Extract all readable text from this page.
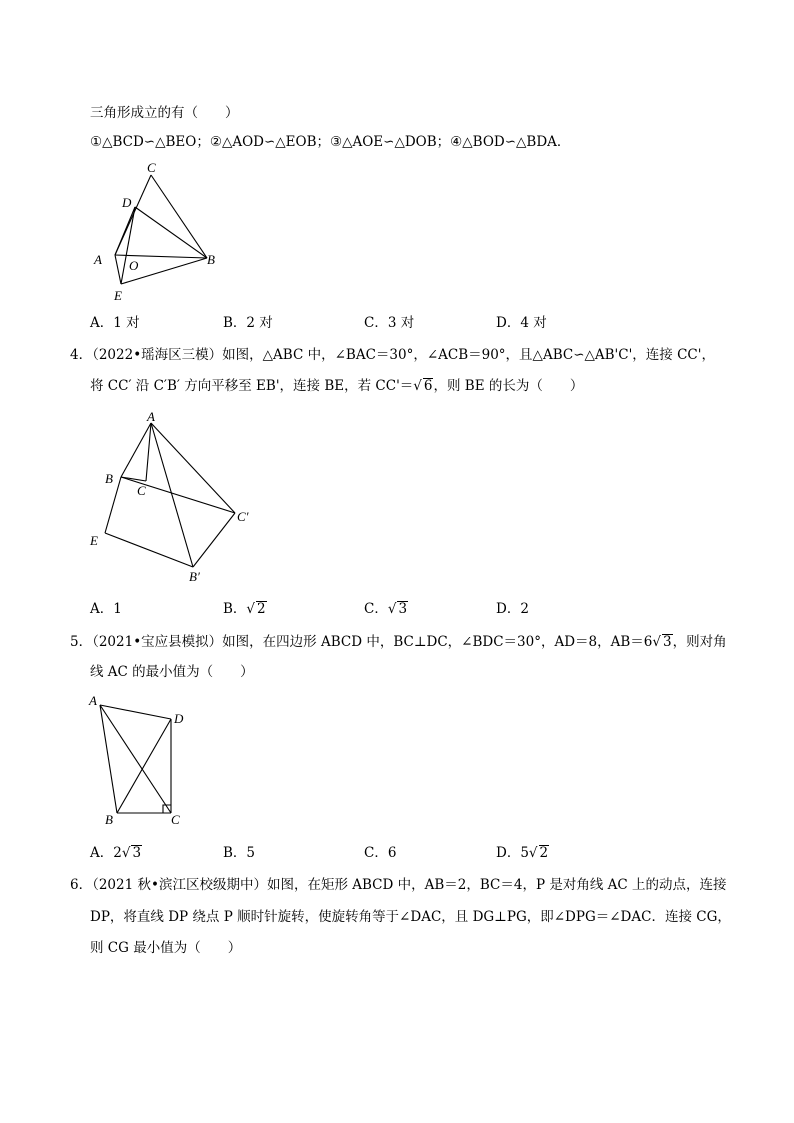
三角形成立的有（　　）
①△BCD∽△BEO；②△AOD∽△EOB；③△AOE∽△DOB；④△BOD∽△BDA．
C
D
A O	B
E
A．1 对	B．2 对	C．3 对	D．4 对
4．（2022•瑶海区三模）如图，△ABC 中，∠BAC＝30°，∠ACB＝90°，且△ABC∽△AB'C'，连接 CC'，
将 CC′ 沿 C′B′ 方向平移至 EB'，连接 BE，若 CC'＝√ 6，则 BE 的长为（　　）
A
B
C
C′
E
B′
A．1	B．√ 2	C．√ 3	D．2
5．（2021•宝应县模拟）如图，在四边形 ABCD 中，BC⊥DC，∠BDC＝30°，AD＝8，AB＝6√ 3，则对角
线 AC 的最小值为（　　）
A
D
B	C
A．2√ 3	B．5	C．6	D．5√ 2
6．（2021 秋•滨江区校级期中）如图，在矩形 ABCD 中，AB＝2，BC＝4，P 是对角线 AC 上的动点，连接
DP，将直线 DP 绕点 P 顺时针旋转，使旋转角等于∠DAC，且 DG⊥PG，即∠DPG＝∠DAC．连接 CG，
则 CG 最小值为（　　）
